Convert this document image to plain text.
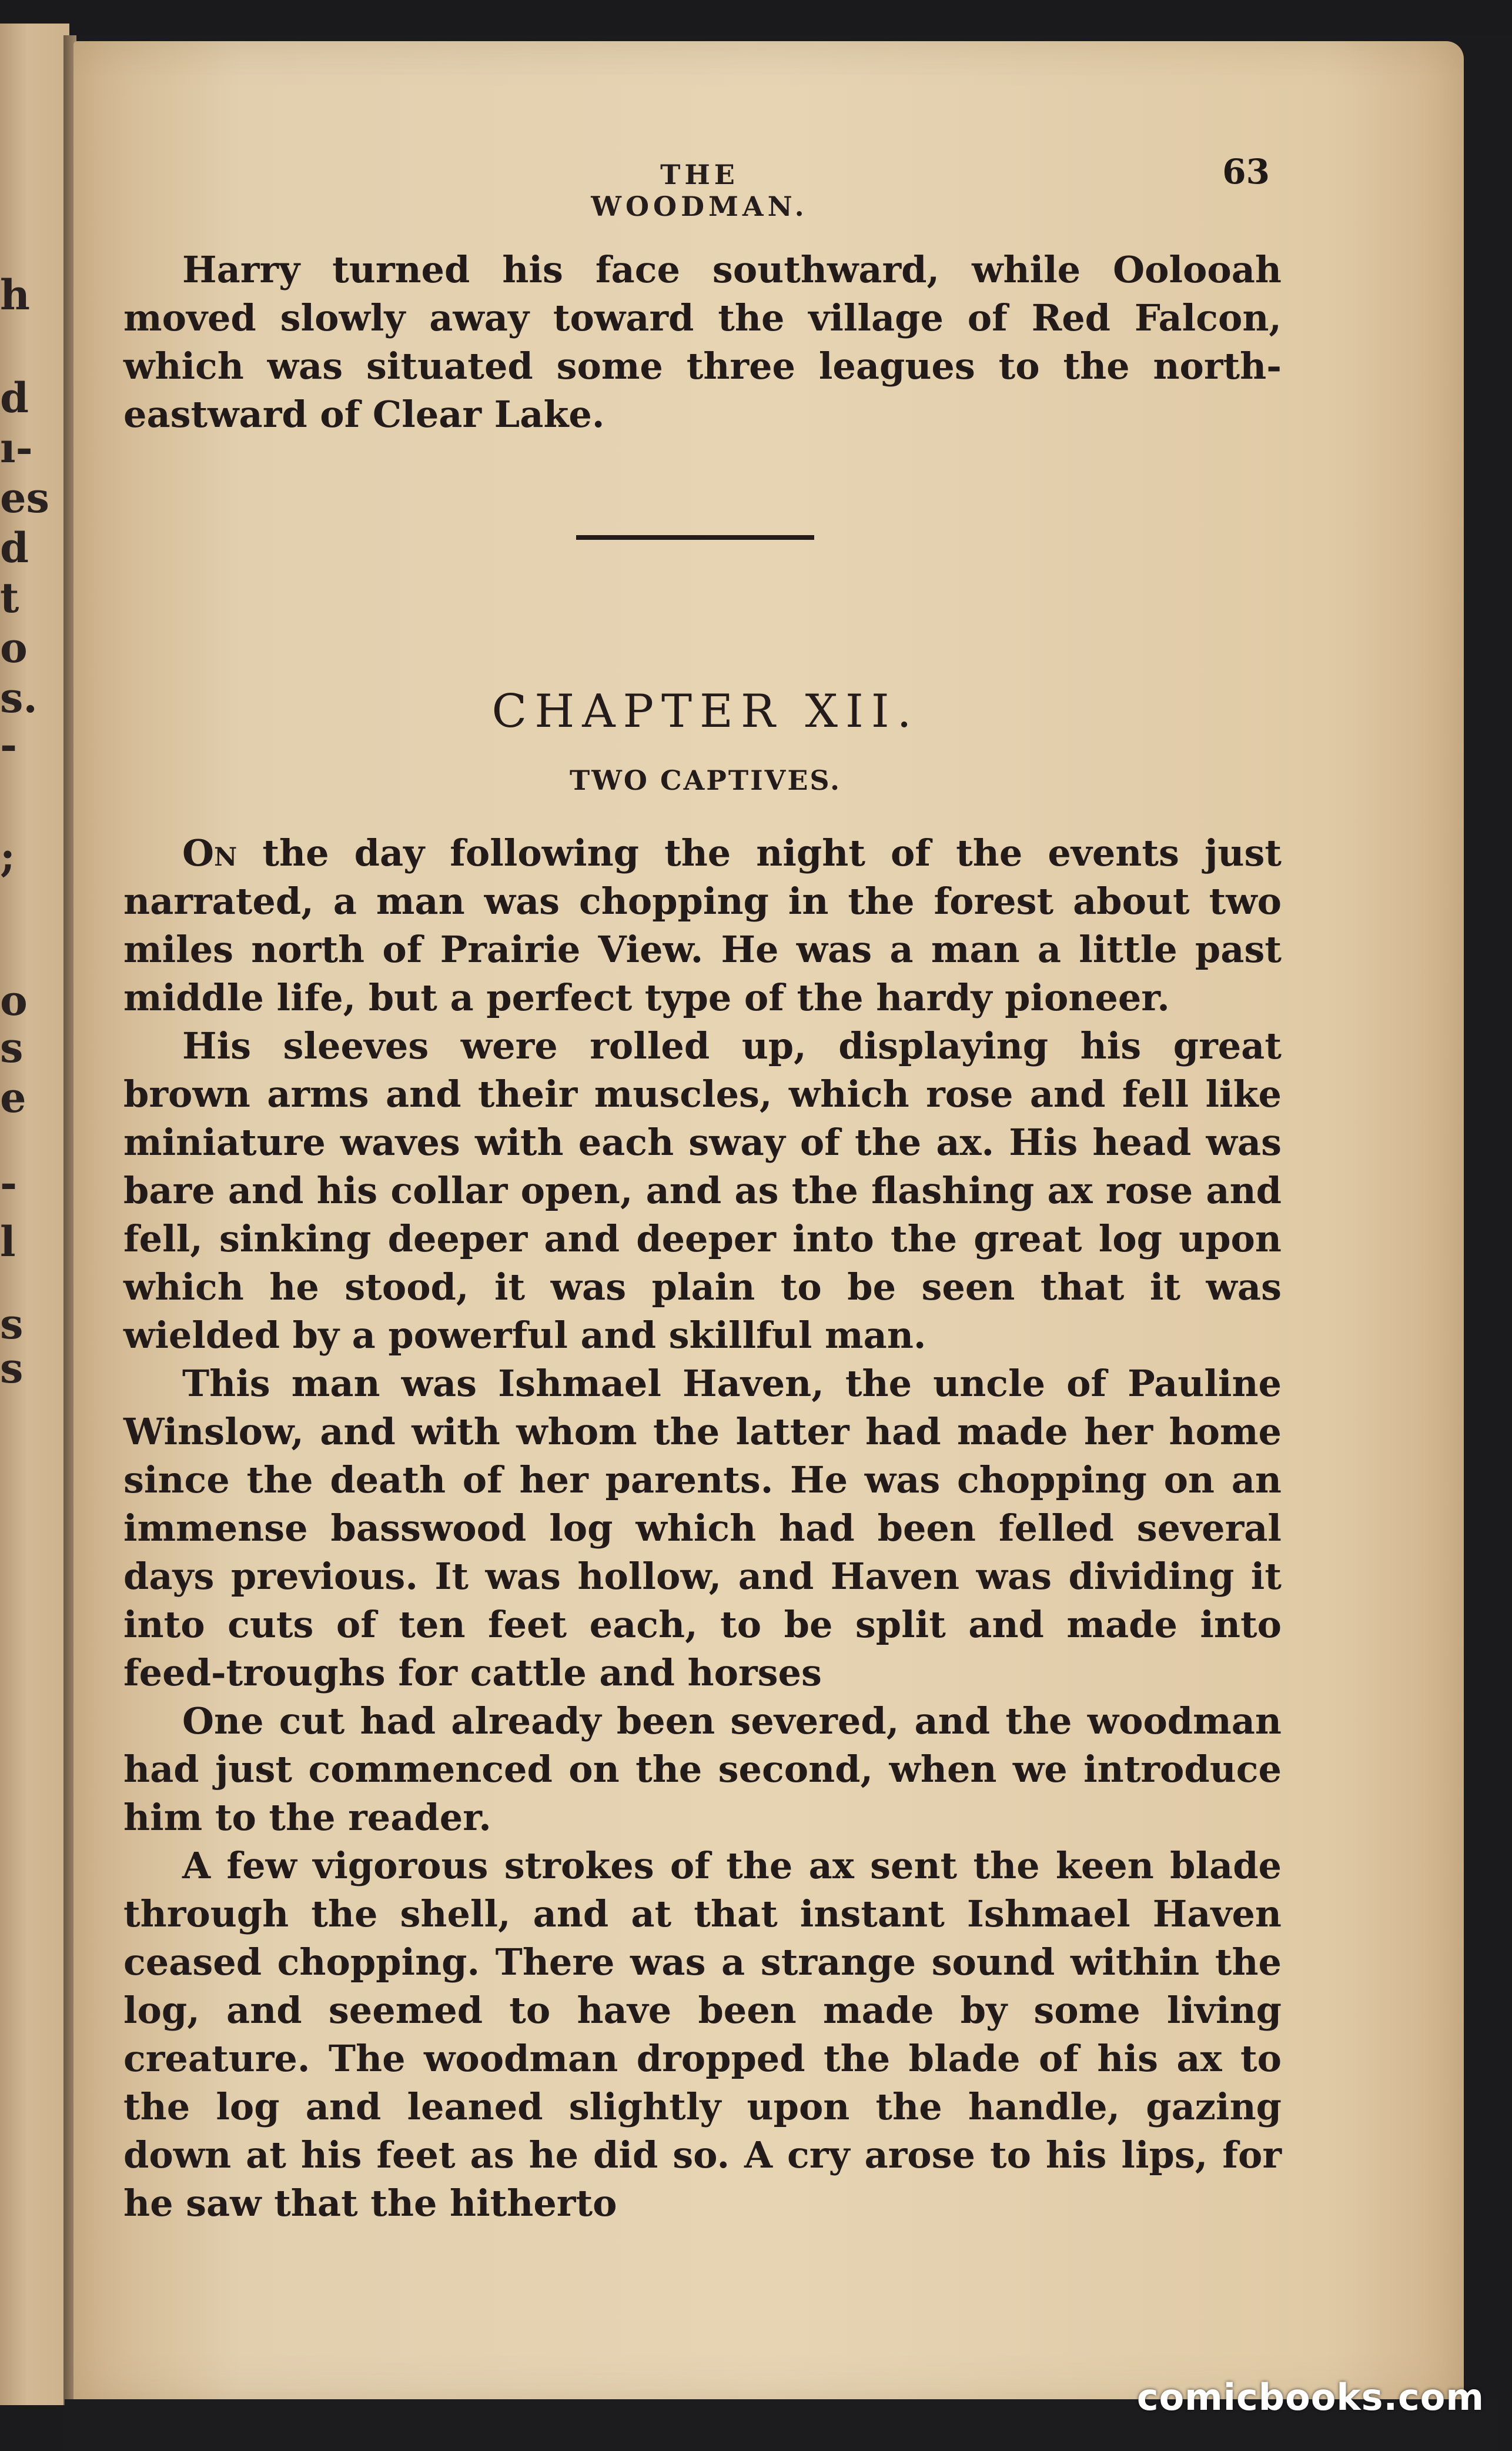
h
d
ı-
es
d
t
o
s.
-
;
o
s
e
-
l
s
s
THE WOODMAN.
63

Harry turned his face southward, while Oolooah moved slowly away toward the village of Red Falcon, which was situated some three leagues to the north-eastward of Clear Lake.

CHAPTER XII.
TWO CAPTIVES.

On the day following the night of the events just narrated, a man was chopping in the forest about two miles north of Prairie View. He was a man a little past middle life, but a perfect type of the hardy pioneer.

His sleeves were rolled up, displaying his great brown arms and their muscles, which rose and fell like miniature waves with each sway of the ax. His head was bare and his collar open, and as the flashing ax rose and fell, sinking deeper and deeper into the great log upon which he stood, it was plain to be seen that it was wielded by a powerful and skillful man.

This man was Ishmael Haven, the uncle of Pauline Winslow, and with whom the latter had made her home since the death of her parents. He was chopping on an immense basswood log which had been felled several days previous. It was hollow, and Haven was dividing it into cuts of ten feet each, to be split and made into feed-troughs for cattle and horses

One cut had already been severed, and the woodman had just commenced on the second, when we introduce him to the reader.

A few vigorous strokes of the ax sent the keen blade through the shell, and at that instant Ishmael Haven ceased chopping. There was a strange sound within the log, and seemed to have been made by some living creature. The woodman dropped the blade of his ax to the log and leaned slightly upon the handle, gazing down at his feet as he did so. A cry arose to his lips, for he saw that the hitherto

comicbooks.com
